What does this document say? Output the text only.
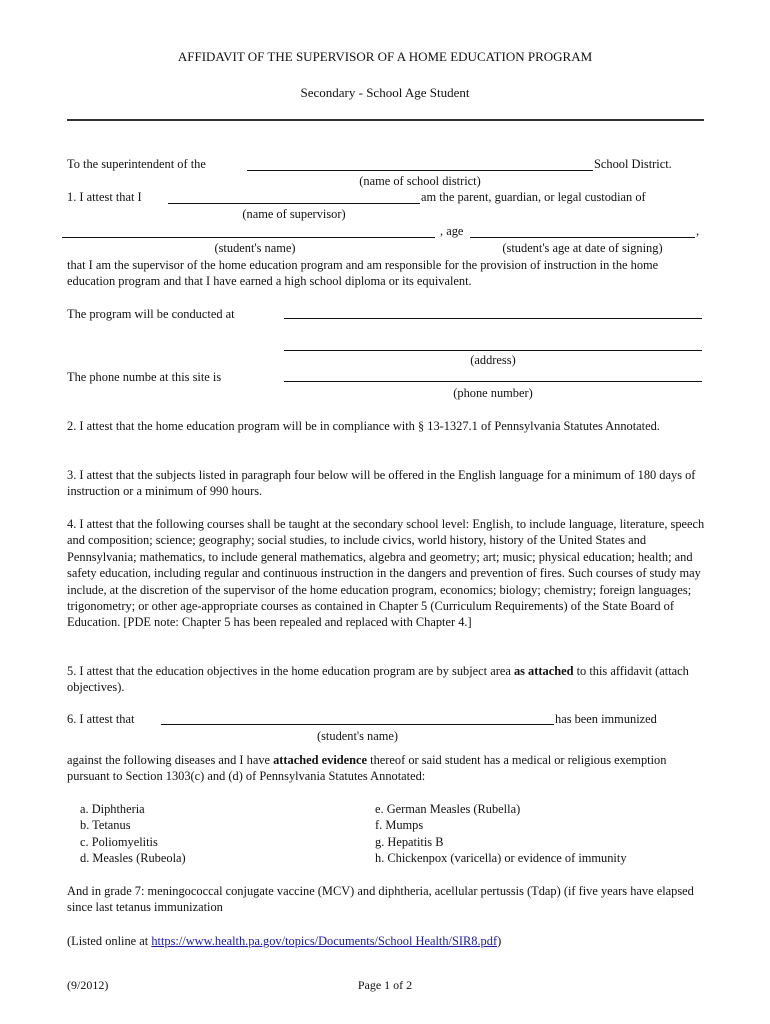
AFFIDAVIT OF THE SUPERVISOR OF A HOME EDUCATION PROGRAM
Secondary - School Age Student
To the superintendent of the	School District.
(name of school district)
1. I attest that I	am the parent, guardian, or legal custodian of
(name of supervisor)
, age	,
(student's name)	(student's age at date of signing)
that I am the supervisor of the home education program and am responsible for the provision of instruction in the home education program and that I have earned a high school diploma or its equivalent.
The program will be conducted at
(address)
The phone numbe at this site is
(phone number)
2. I attest that the home education program will be in compliance with § 13-1327.1 of Pennsylvania Statutes Annotated.
3. I attest that the subjects listed in paragraph four below will be offered in the English language for a minimum of 180 days of instruction or a minimum of 990 hours.
4. I attest that the following courses shall be taught at the secondary school level: English, to include language, literature, speech and composition; science; geography; social studies, to include civics, world history, history of the United States and Pennsylvania; mathematics, to include general mathematics, algebra and geometry; art; music; physical education; health; and safety education, including regular and continuous instruction in the dangers and prevention of fires. Such courses of study may include, at the discretion of the supervisor of the home education program, economics; biology; chemistry; foreign languages; trigonometry; or other age-appropriate courses as contained in Chapter 5 (Curriculum Requirements) of the State Board of Education. [PDE note: Chapter 5 has been repealed and replaced with Chapter 4.]
5. I attest that the education objectives in the home education program are by subject area as attached to this affidavit (attach objectives).
6. I attest that	has been immunized
(student's name)
against the following diseases and I have attached evidence thereof or said student has a medical or religious exemption pursuant to Section 1303(c) and (d) of Pennsylvania Statutes Annotated:
a. Diphtheria
b. Tetanus
c. Poliomyelitis
d. Measles (Rubeola)
e. German Measles (Rubella)
f. Mumps
g. Hepatitis B
h. Chickenpox (varicella) or evidence of immunity
And in grade 7: meningococcal conjugate vaccine (MCV) and diphtheria, acellular pertussis (Tdap) (if five years have elapsed since last tetanus immunization
(Listed online at https://www.health.pa.gov/topics/Documents/School Health/SIR8.pdf)
(9/2012)	Page 1 of 2
